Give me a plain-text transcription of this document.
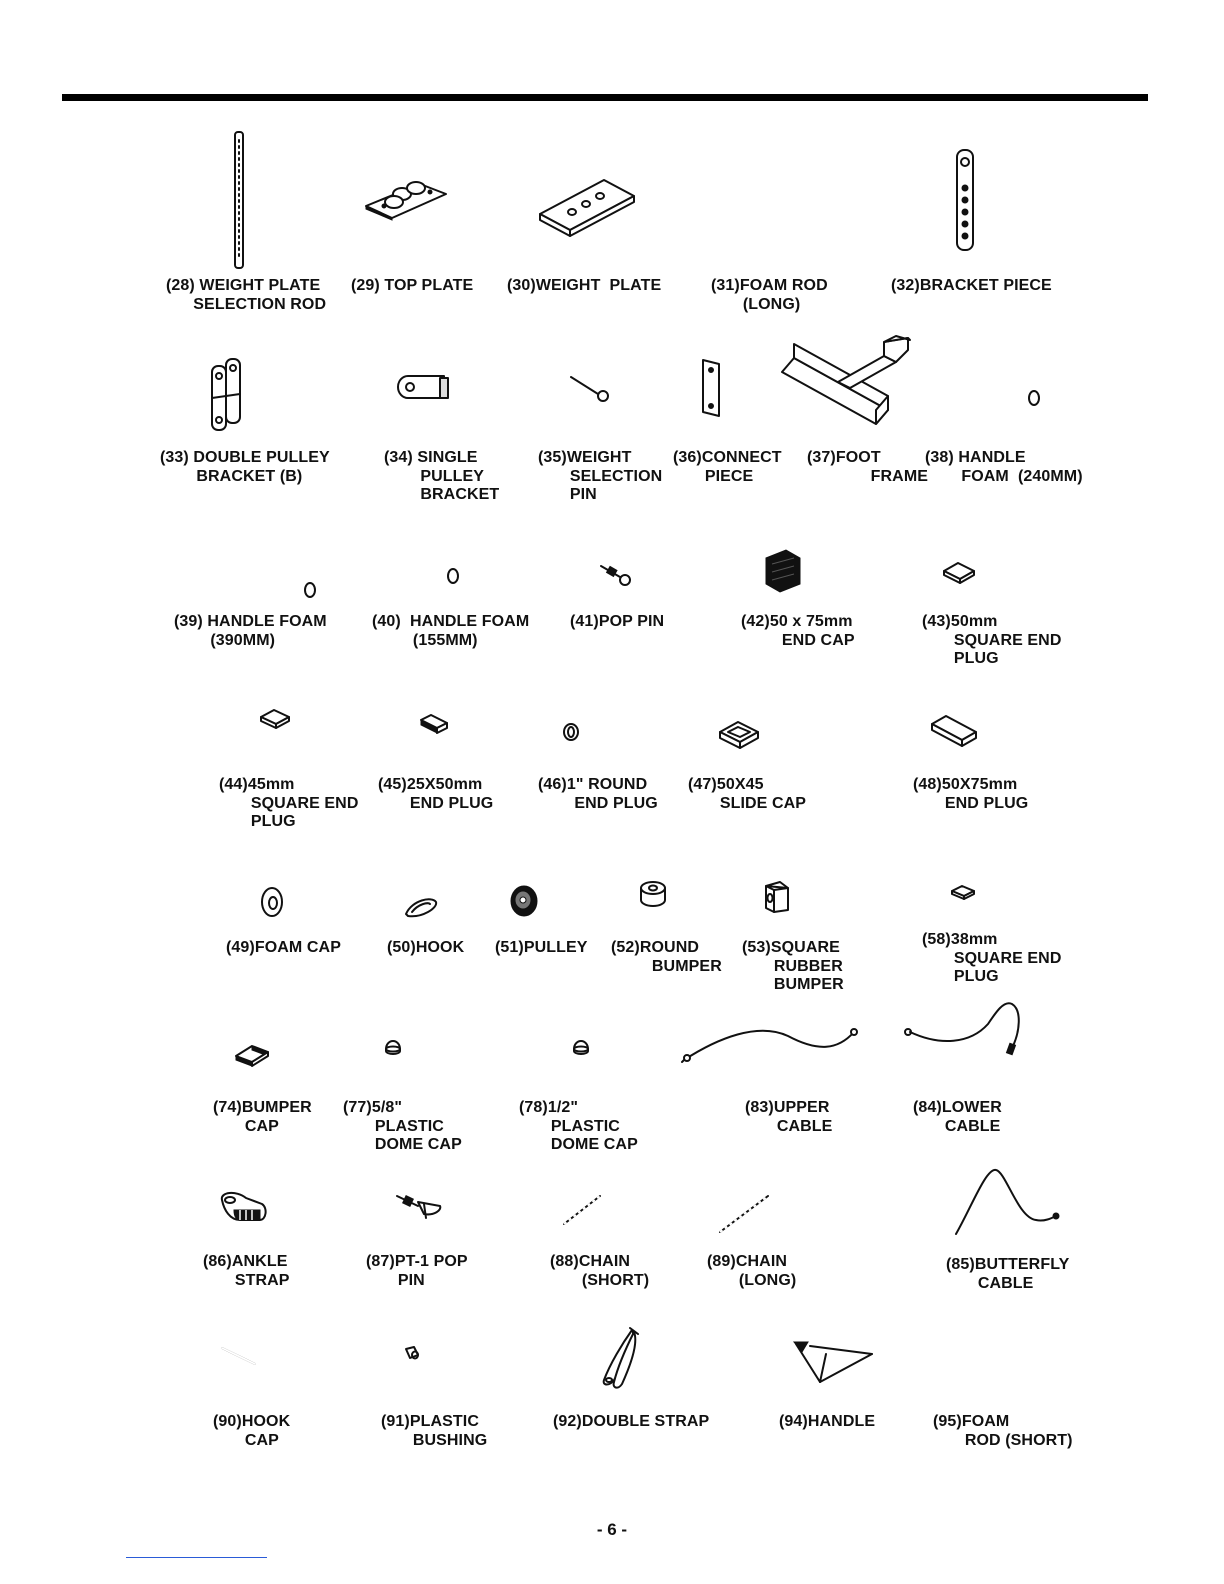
(28) WEIGHT PLATE
SELECTION ROD
(29) TOP PLATE (30)WEIGHT  PLATE	(31)FOAM ROD
(LONG)
(32)BRACKET PIECE
(33) DOUBLE PULLEY
BRACKET (B)
(34) SINGLE
PULLEY
BRACKET
(35)WEIGHT
SELECTION
PIN
(36)CONNECT
PIECE
(37)FOOT
FRAME
(38) HANDLE
FOAM  (240MM)
(39) HANDLE FOAM
(390MM)
(40)  HANDLE FOAM
(155MM)
(41)POP PIN	(42)50 x 75mm
END CAP
(43)50mm
SQUARE END
PLUG
(44)45mm
SQUARE END
PLUG
(45)25X50mm
END PLUG
(46)1" ROUND
END PLUG
(47)50X45
SLIDE CAP
(48)50X75mm
END PLUG
(49)FOAM CAP	(50)HOOK (51)PULLEY (52)ROUND
BUMPER
(53)SQUARE
RUBBER
BUMPER
(58)38mm
SQUARE END
PLUG
(74)BUMPER
CAP
(77)5/8"
PLASTIC
DOME CAP
(78)1/2"
PLASTIC
DOME CAP
(83)UPPER
CABLE
(84)LOWER
CABLE
(86)ANKLE
STRAP
(87)PT-1 POP
PIN
(88)CHAIN
(SHORT)
(89)CHAIN
(LONG)
(85)BUTTERFLY
CABLE
(90)HOOK
CAP
(91)PLASTIC
BUSHING
(92)DOUBLE STRAP	(94)HANDLE	(95)FOAM
ROD (SHORT)
- 6 -
